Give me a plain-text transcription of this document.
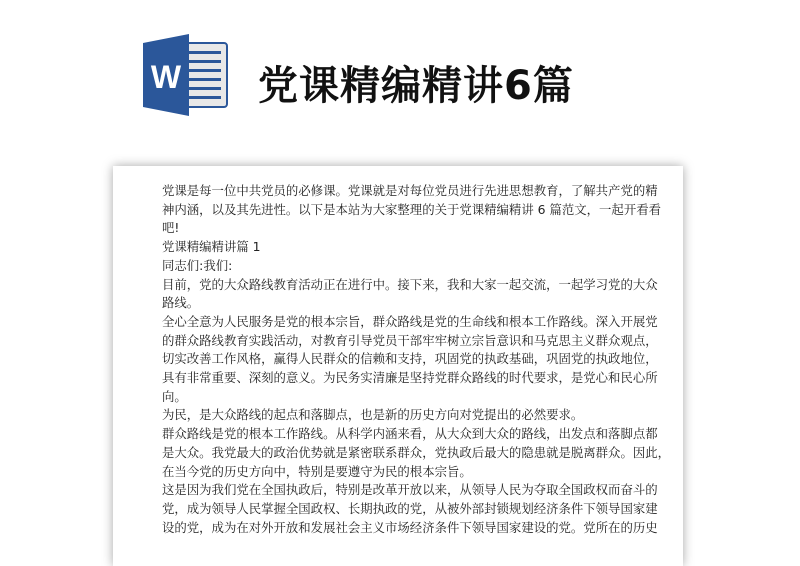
W 党课精编精讲6篇
党课是每一位中共党员的必修课。党课就是对每位党员进行先进思想教育，了解共产党的精
神内涵，以及其先进性。以下是本站为大家整理的关于党课精编精讲 6 篇范文，一起开看看
吧!
党课精编精讲篇 1
同志们:我们:
目前，党的大众路线教育活动正在进行中。接下来，我和大家一起交流，一起学习党的大众
路线。
全心全意为人民服务是党的根本宗旨，群众路线是党的生命线和根本工作路线。深入开展党
的群众路线教育实践活动，对教育引导党员干部牢牢树立宗旨意识和马克思主义群众观点，
切实改善工作风格，赢得人民群众的信赖和支持，巩固党的执政基础，巩固党的执政地位，
具有非常重要、深刻的意义。为民务实清廉是坚持党群众路线的时代要求，是党心和民心所
向。
为民，是大众路线的起点和落脚点，也是新的历史方向对党提出的必然要求。
群众路线是党的根本工作路线。从科学内涵来看，从大众到大众的路线，出发点和落脚点都
是大众。我党最大的政治优势就是紧密联系群众，党执政后最大的隐患就是脱离群众。因此，
在当今党的历史方向中，特别是要遵守为民的根本宗旨。
这是因为我们党在全国执政后，特别是改革开放以来，从领导人民为夺取全国政权而奋斗的
党，成为领导人民掌握全国政权、长期执政的党，从被外部封锁规划经济条件下领导国家建
设的党，成为在对外开放和发展社会主义市场经济条件下领导国家建设的党。党所在的历史
